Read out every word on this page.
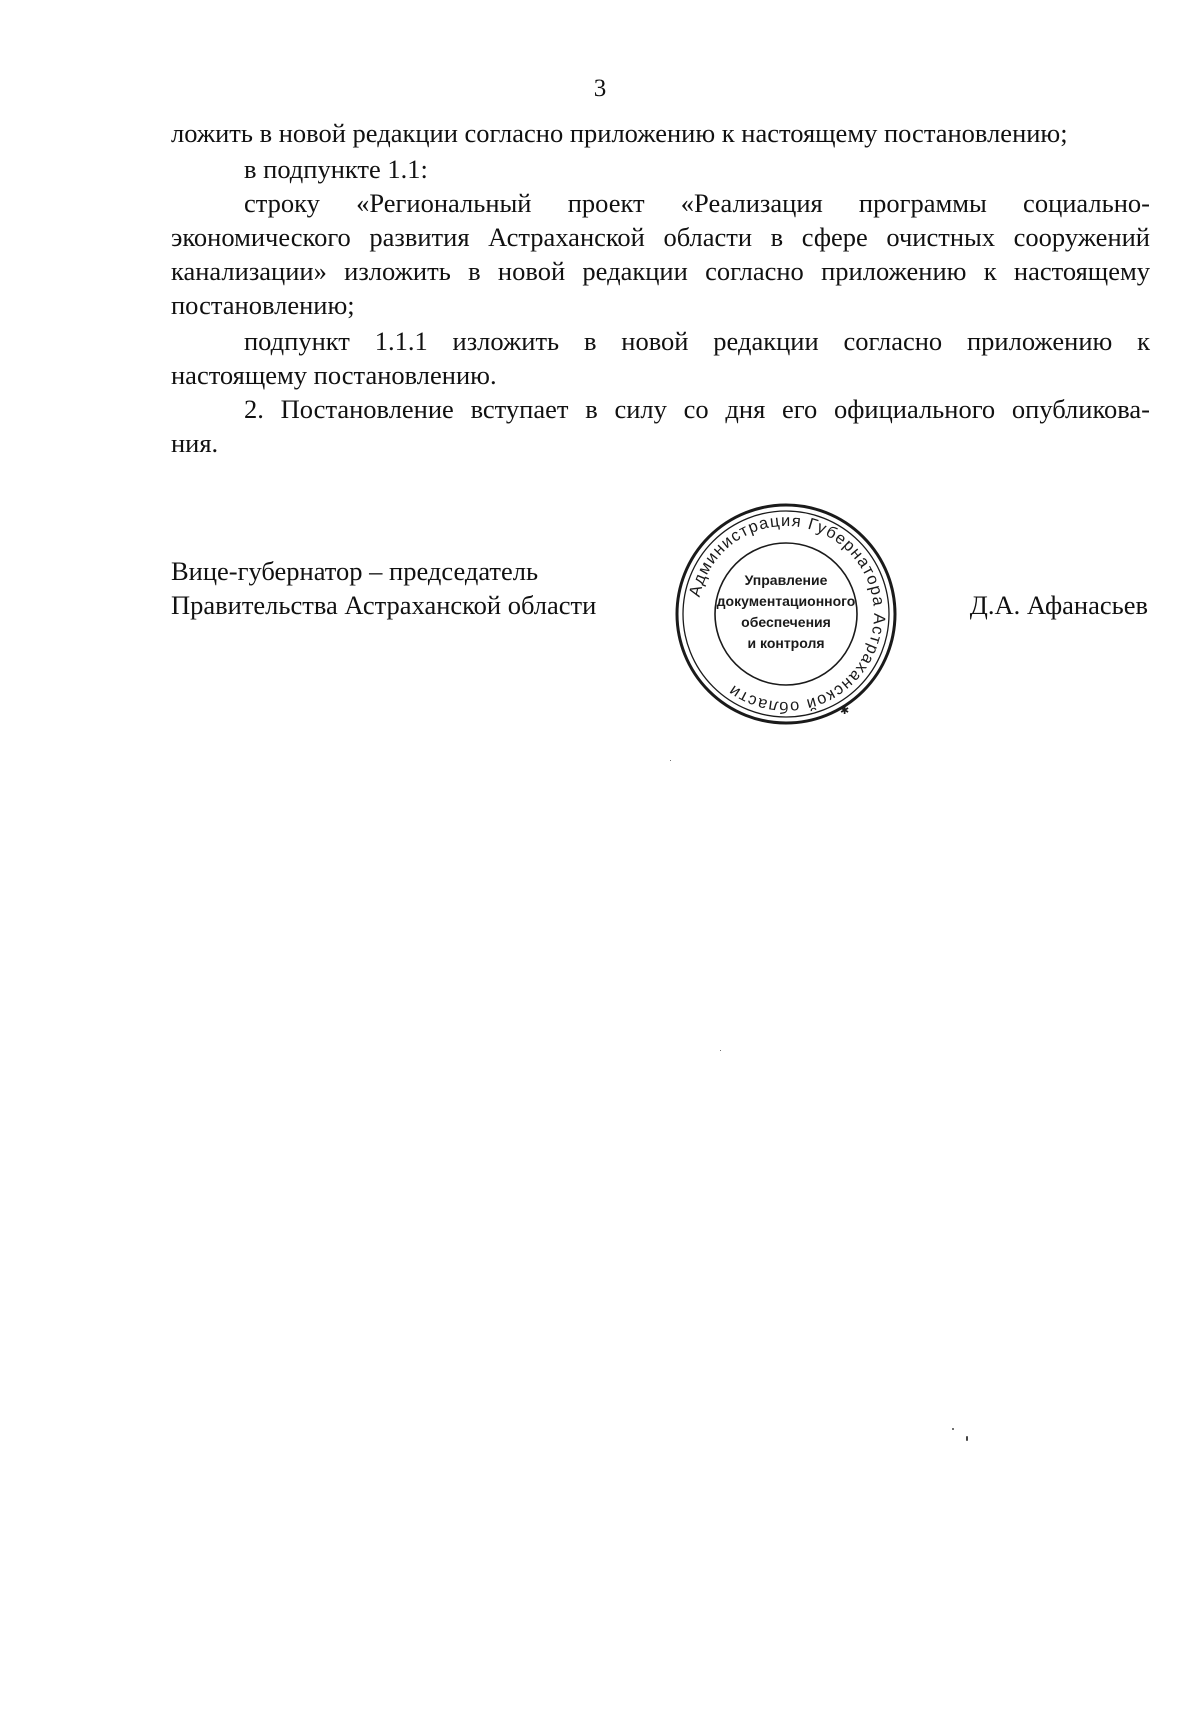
3
ложить в новой редакции согласно приложению к настоящему постановлению;
в подпункте 1.1:
строку «Региональный проект «Реализация программы социально-
экономического развития Астраханской области в сфере очистных сооружений
канализации» изложить в новой редакции согласно приложению к настоящему
постановлению;
подпункт 1.1.1 изложить в новой редакции согласно приложению к
настоящему постановлению.
2. Постановление вступает в силу со дня его официального опубликова-
ния.
Вице-губернатор – председатель
Правительства Астраханской области	Д.А. Афанасьев
Администрация Губернатора Астраханской области
✱
Управление
документационного
обеспечения
и контроля
